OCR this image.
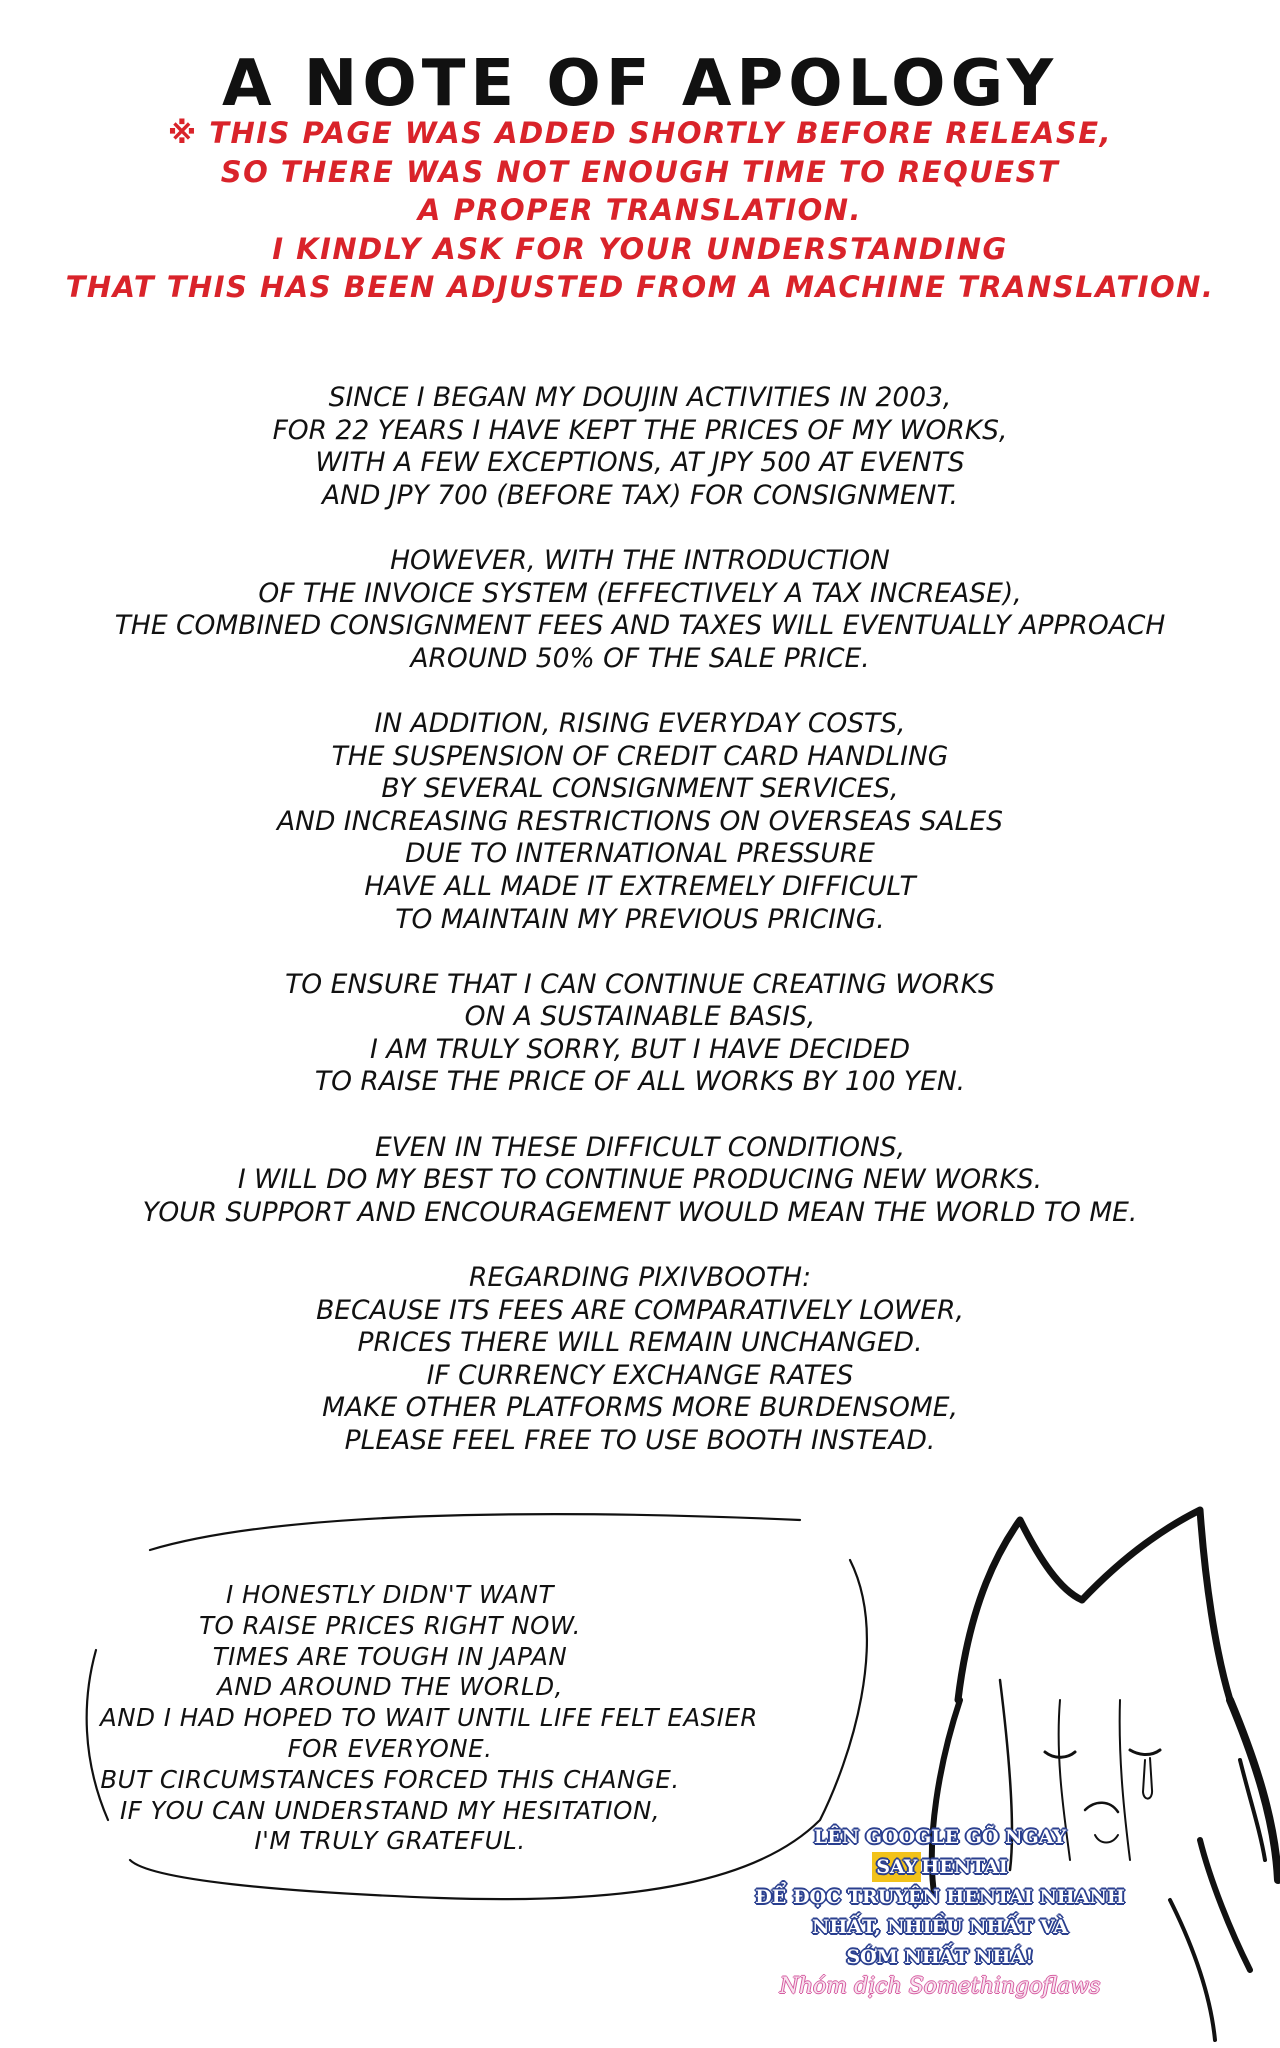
A NOTE OF APOLOGY
※ THIS PAGE WAS ADDED SHORTLY BEFORE RELEASE,
SO THERE WAS NOT ENOUGH TIME TO REQUEST
A PROPER TRANSLATION.
I KINDLY ASK FOR YOUR UNDERSTANDING
THAT THIS HAS BEEN ADJUSTED FROM A MACHINE TRANSLATION.
SINCE I BEGAN MY DOUJIN ACTIVITIES IN 2003,
FOR 22 YEARS I HAVE KEPT THE PRICES OF MY WORKS,
WITH A FEW EXCEPTIONS, AT JPY 500 AT EVENTS
AND JPY 700 (BEFORE TAX) FOR CONSIGNMENT.
HOWEVER, WITH THE INTRODUCTION
OF THE INVOICE SYSTEM (EFFECTIVELY A TAX INCREASE),
THE COMBINED CONSIGNMENT FEES AND TAXES WILL EVENTUALLY APPROACH
AROUND 50% OF THE SALE PRICE.
IN ADDITION, RISING EVERYDAY COSTS,
THE SUSPENSION OF CREDIT CARD HANDLING
BY SEVERAL CONSIGNMENT SERVICES,
AND INCREASING RESTRICTIONS ON OVERSEAS SALES
DUE TO INTERNATIONAL PRESSURE
HAVE ALL MADE IT EXTREMELY DIFFICULT
TO MAINTAIN MY PREVIOUS PRICING.
TO ENSURE THAT I CAN CONTINUE CREATING WORKS
ON A SUSTAINABLE BASIS,
I AM TRULY SORRY, BUT I HAVE DECIDED
TO RAISE THE PRICE OF ALL WORKS BY 100 YEN.
EVEN IN THESE DIFFICULT CONDITIONS,
I WILL DO MY BEST TO CONTINUE PRODUCING NEW WORKS.
YOUR SUPPORT AND ENCOURAGEMENT WOULD MEAN THE WORLD TO ME.
REGARDING PIXIVBOOTH:
BECAUSE ITS FEES ARE COMPARATIVELY LOWER,
PRICES THERE WILL REMAIN UNCHANGED.
IF CURRENCY EXCHANGE RATES
MAKE OTHER PLATFORMS MORE BURDENSOME,
PLEASE FEEL FREE TO USE BOOTH INSTEAD.
I HONESTLY DIDN'T WANT
TO RAISE PRICES RIGHT NOW.
TIMES ARE TOUGH IN JAPAN
AND AROUND THE WORLD,
AND I HAD HOPED TO WAIT UNTIL LIFE FELT EASIER
FOR EVERYONE.
BUT CIRCUMSTANCES FORCED THIS CHANGE.
IF YOU CAN UNDERSTAND MY HESITATION,
I'M TRULY GRATEFUL.	LÊN GOOGLE GÕ NGAY
SAY HENTAI
ĐỂ ĐỌC TRUYỆN HENTAI NHANH
NHẤT, NHIỀU NHẤT VÀ
SỚM NHẤT NHÁ!
Nhóm dịch Somethingoflaws
